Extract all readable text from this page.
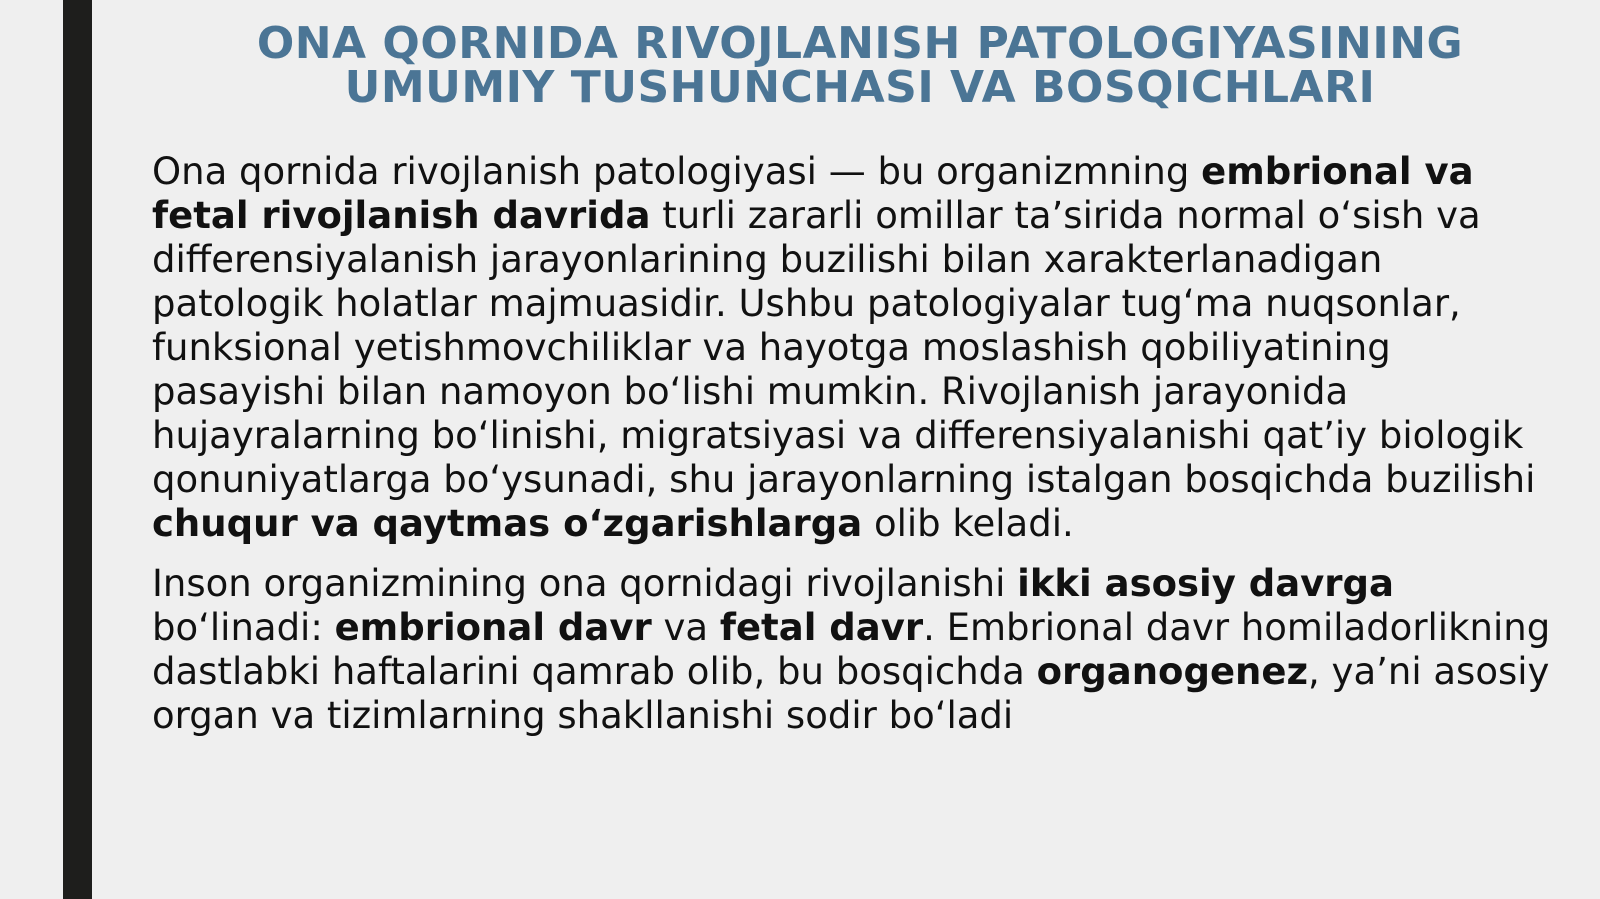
ONA QORNIDA RIVOJLANISH PATOLOGIYASINING
UMUMIY TUSHUNCHASI VA BOSQICHLARI

Ona qornida rivojlanish patologiyasi — bu organizmning embrional va fetal rivojlanish davrida turli zararli omillar taʼsirida normal oʻsish va differensiyalanish jarayonlarining buzilishi bilan xarakterlanadigan patologik holatlar majmuasidir. Ushbu patologiyalar tugʻma nuqsonlar, funksional yetishmovchiliklar va hayotga moslashish qobiliyatining pasayishi bilan namoyon boʻlishi mumkin. Rivojlanish jarayonida hujayralarning boʻlinishi, migratsiyasi va differensiyalanishi qatʼiy biologik qonuniyatlarga boʻysunadi, shu jarayonlarning istalgan bosqichda buzilishi chuqur va qaytmas oʻzgarishlarga olib keladi.

Inson organizmining ona qornidagi rivojlanishi ikki asosiy davrga boʻlinadi: embrional davr va fetal davr. Embrional davr homiladorlikning dastlabki haftalarini qamrab olib, bu bosqichda organogenez, yaʼni asosiy organ va tizimlarning shakllanishi sodir boʻladi
